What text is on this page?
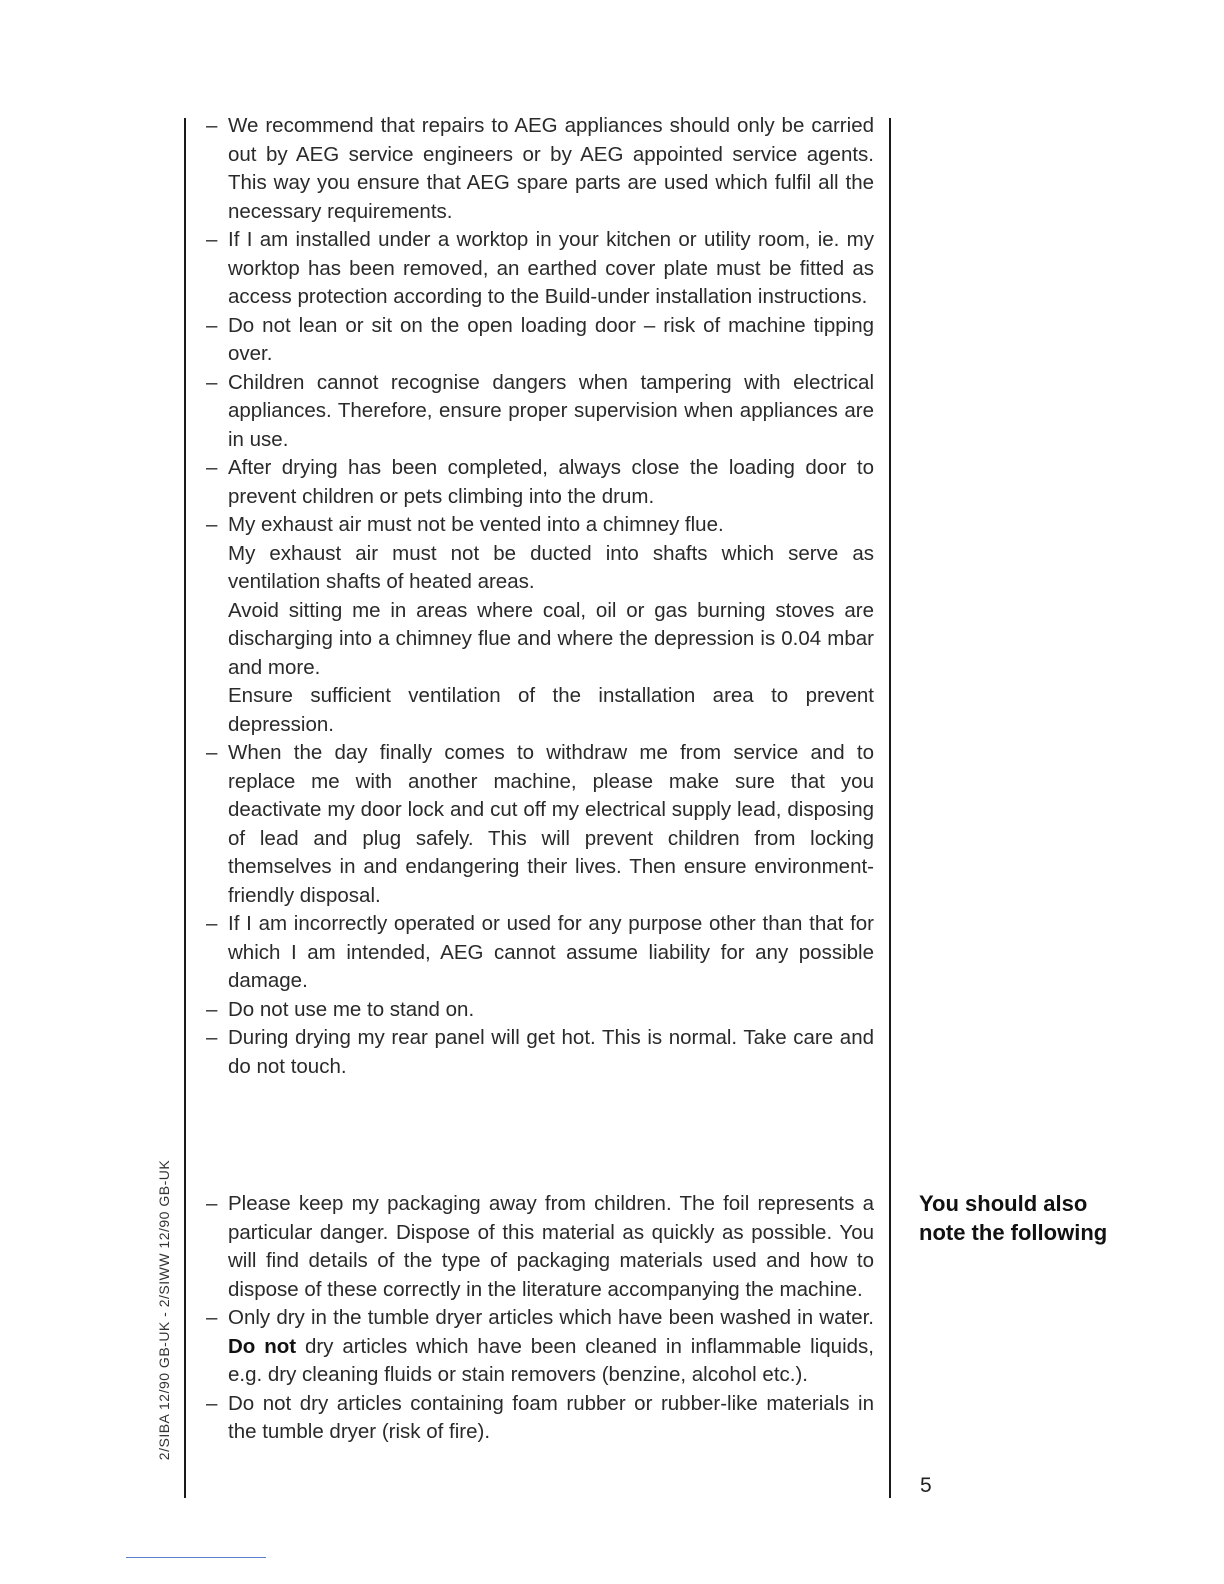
– We recommend that repairs to AEG appliances should only be carried out by AEG service engineers or by AEG appointed service agents. This way you ensure that AEG spare parts are used which fulfil all the necessary requirements.
– If I am installed under a worktop in your kitchen or utility room, ie. my worktop has been removed, an earthed cover plate must be fitted as access protection according to the Build-under installation instructions.
– Do not lean or sit on the open loading door – risk of machine tipping over.
– Children cannot recognise dangers when tampering with electrical appliances. Therefore, ensure proper supervision when appliances are in use.
– After drying has been completed, always close the loading door to prevent children or pets climbing into the drum.
– My exhaust air must not be vented into a chimney flue.
My exhaust air must not be ducted into shafts which serve as ventilation shafts of heated areas.
Avoid sitting me in areas where coal, oil or gas burning stoves are discharging into a chimney flue and where the depression is 0.04 mbar and more.
Ensure sufficient ventilation of the installation area to prevent depression.
– When the day finally comes to withdraw me from service and to replace me with another machine, please make sure that you deactivate my door lock and cut off my electrical supply lead, disposing of lead and plug safely. This will prevent children from locking themselves in and endangering their lives. Then ensure environment-friendly disposal.
– If I am incorrectly operated or used for any purpose other than that for which I am intended, AEG cannot assume liability for any possible damage.
– Do not use me to stand on.
– During drying my rear panel will get hot. This is normal. Take care and do not touch.
– Please keep my packaging away from children. The foil represents a particular danger. Dispose of this material as quickly as possible. You will find details of the type of packaging materials used and how to dispose of these correctly in the literature accompanying the machine.
– Only dry in the tumble dryer articles which have been washed in water. Do not dry articles which have been cleaned in inflammable liquids, e.g. dry cleaning fluids or stain removers (benzine, alcohol etc.).
– Do not dry articles containing foam rubber or rubber-like materials in the tumble dryer (risk of fire).
You should also note the following
5
2/SIBA 12/90 GB-UK - 2/SIWW 12/90 GB-UK
